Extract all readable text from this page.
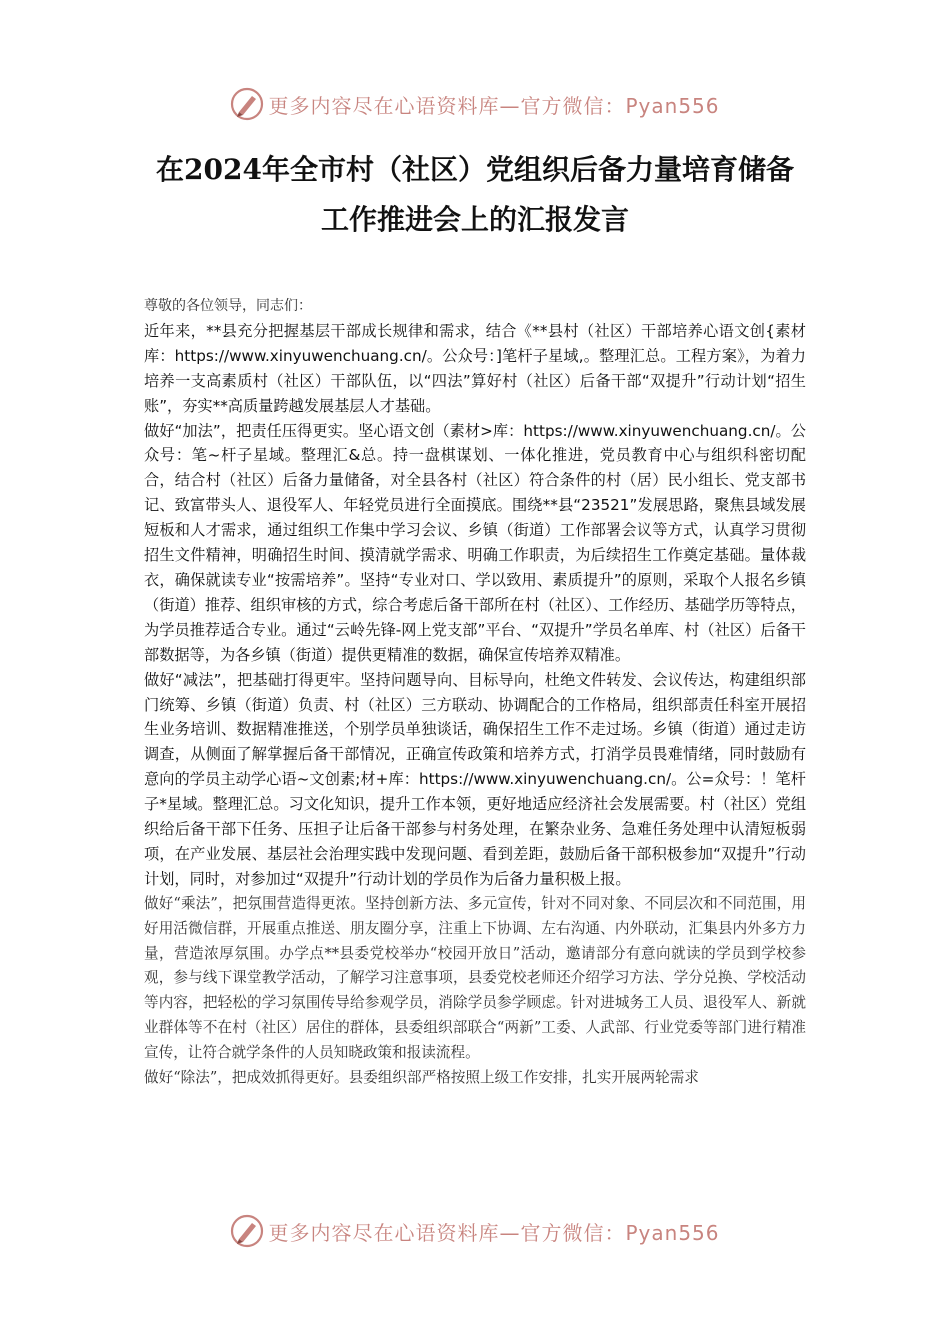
更多内容尽在心语资料库—官方微信：Pyan556
在2024年全市村（社区）党组织后备力量培育储备
工作推进会上的汇报发言

尊敬的各位领导，同志们：

近年来，**县充分把握基层干部成长规律和需求，结合《**县村（社区）干部培养心语文创{素材库：https://www.xinyuwenchuang.cn/。公众号：]笔杆子星域,。整理汇总。工程方案》，为着力培养一支高素质村（社区）干部队伍，以“四法”算好村（社区）后备干部“双提升”行动计划“招生账”，夯实**高质量跨越发展基层人才基础。

做好“加法”，把责任压得更实。坚心语文创（素材>库：https://www.xinyuwenchuang.cn/。公众号：笔~杆子星域。整理汇&总。持一盘棋谋划、一体化推进，党员教育中心与组织科密切配合，结合村（社区）后备力量储备，对全县各村（社区）符合条件的村（居）民小组长、党支部书记、致富带头人、退役军人、年轻党员进行全面摸底。围绕**县“23521”发展思路，聚焦县域发展短板和人才需求，通过组织工作集中学习会议、乡镇（街道）工作部署会议等方式，认真学习贯彻招生文件精神，明确招生时间、摸清就学需求、明确工作职责，为后续招生工作奠定基础。量体裁衣，确保就读专业“按需培养”。坚持“专业对口、学以致用、素质提升”的原则，采取个人报名乡镇（街道）推荐、组织审核的方式，综合考虑后备干部所在村（社区）、工作经历、基础学历等特点，为学员推荐适合专业。通过“云岭先锋-网上党支部”平台、“双提升”学员名单库、村（社区）后备干部数据等，为各乡镇（街道）提供更精准的数据，确保宣传培养双精准。

做好“减法”，把基础打得更牢。坚持问题导向、目标导向，杜绝文件转发、会议传达，构建组织部门统筹、乡镇（街道）负责、村（社区）三方联动、协调配合的工作格局，组织部责任科室开展招生业务培训、数据精准推送，个别学员单独谈话，确保招生工作不走过场。乡镇（街道）通过走访调查，从侧面了解掌握后备干部情况，正确宣传政策和培养方式，打消学员畏难情绪，同时鼓励有意向的学员主动学心语~文创素;材+库：https://www.xinyuwenchuang.cn/。公=众号：！笔杆子*星域。整理汇总。习文化知识，提升工作本领，更好地适应经济社会发展需要。村（社区）党组织给后备干部下任务、压担子让后备干部参与村务处理，在繁杂业务、急难任务处理中认清短板弱项，在产业发展、基层社会治理实践中发现问题、看到差距，鼓励后备干部积极参加“双提升”行动计划，同时，对参加过“双提升”行动计划的学员作为后备力量积极上报。

做好“乘法”，把氛围营造得更浓。坚持创新方法、多元宣传，针对不同对象、不同层次和不同范围，用好用活微信群，开展重点推送、朋友圈分享，注重上下协调、左右沟通、内外联动，汇集县内外多方力量，营造浓厚氛围。办学点**县委党校举办“校园开放日”活动，邀请部分有意向就读的学员到学校参观，参与线下课堂教学活动，了解学习注意事项，县委党校老师还介绍学习方法、学分兑换、学校活动等内容，把轻松的学习氛围传导给参观学员，消除学员参学顾虑。针对进城务工人员、退役军人、新就业群体等不在村（社区）居住的群体，县委组织部联合“两新”工委、人武部、行业党委等部门进行精准宣传，让符合就学条件的人员知晓政策和报读流程。

做好“除法”，把成效抓得更好。县委组织部严格按照上级工作安排，扎实开展两轮需求

更多内容尽在心语资料库—官方微信：Pyan556
